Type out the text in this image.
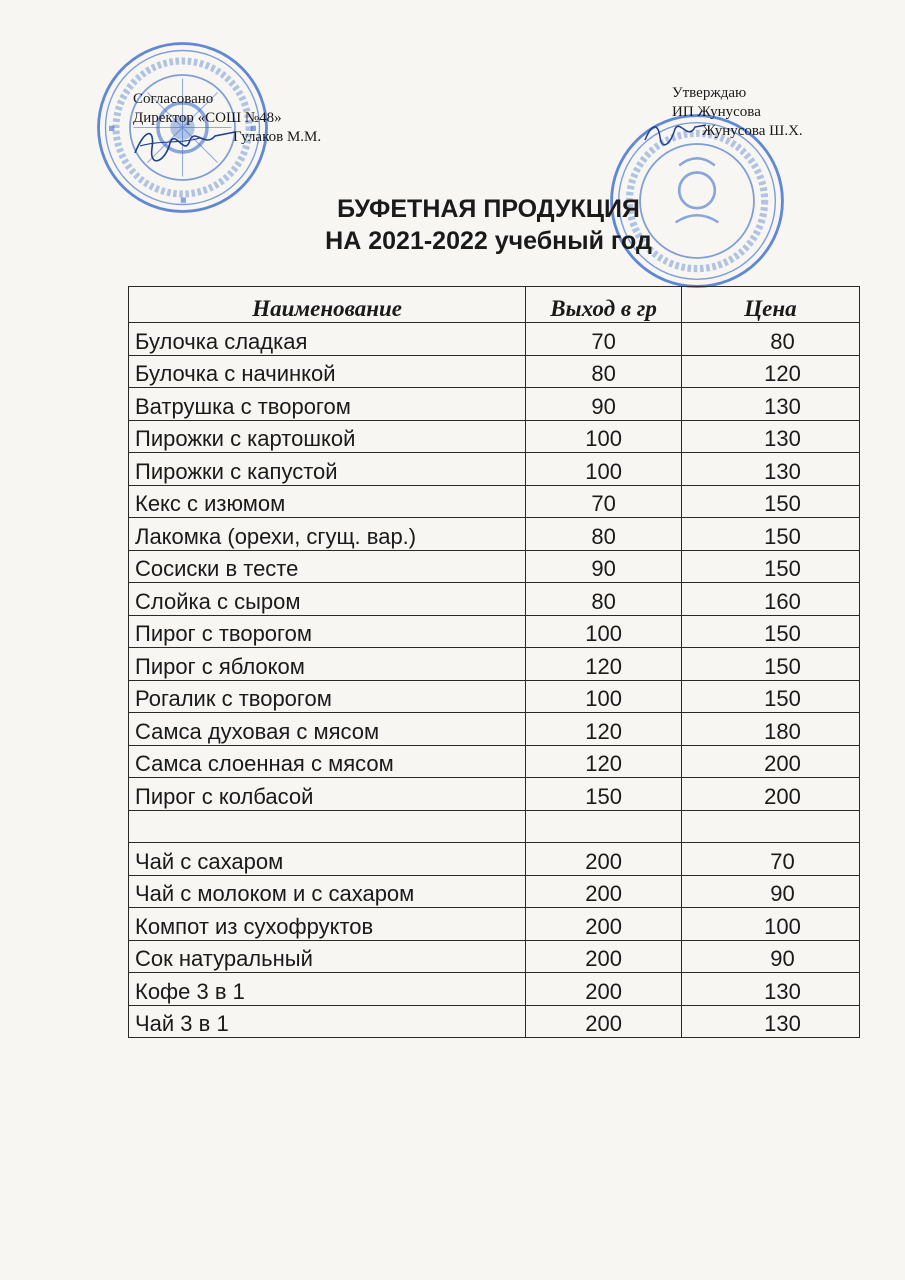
Согласовано
Директор «СОШ №48»
Гулаков М.М.
Утверждаю
ИП Жунусова
Жунусова Ш.Х.
БУФЕТНАЯ ПРОДУКЦИЯ
НА 2021-2022 учебный год
Наименование	Выход в гр	Цена
Булочка сладкая	70	80
Булочка с начинкой	80	120
Ватрушка с творогом	90	130
Пирожки с картошкой	100	130
Пирожки с капустой	100	130
Кекс с изюмом	70	150
Лакомка (орехи, сгущ. вар.)	80	150
Сосиски в тесте	90	150
Слойка с сыром	80	160
Пирог с творогом	100	150
Пирог с яблоком	120	150
Рогалик с творогом	100	150
Самса духовая с мясом	120	180
Самса слоенная с мясом	120	200
Пирог с колбасой	150	200

Чай с сахаром	200	70
Чай с молоком и с сахаром	200	90
Компот из сухофруктов	200	100
Сок натуральный	200	90
Кофе 3 в 1	200	130
Чай 3 в 1	200	130
